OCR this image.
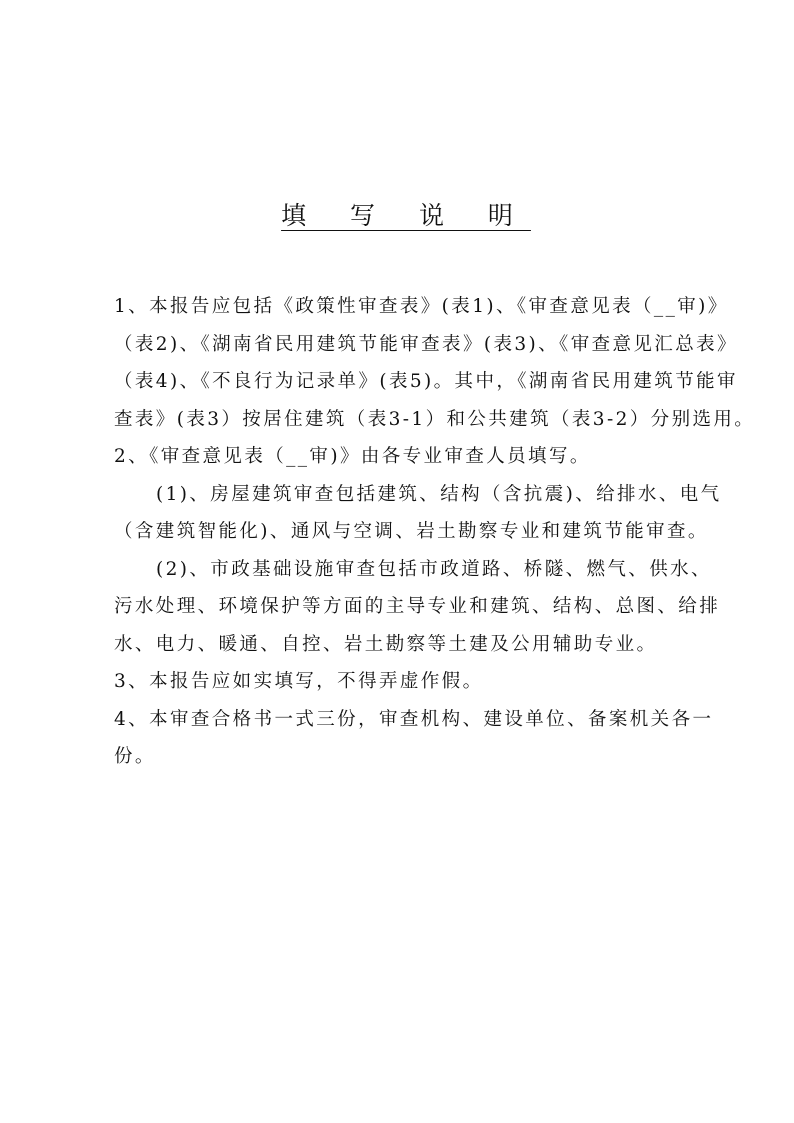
填 写 说 明
1、本报告应包括《政策性审查表》(表1)、《审查意见表（__审)》
（表2)、《湖南省民用建筑节能审查表》(表3)、《审查意见汇总表》
（表4)、《不良行为记录单》(表5)。其中，《湖南省民用建筑节能审
查表》(表3）按居住建筑（表3-1）和公共建筑（表3-2）分别选用。
2、《审查意见表（__审)》由各专业审查人员填写。
(1)、房屋建筑审查包括建筑、结构（含抗震)、给排水、电气
（含建筑智能化)、通风与空调、岩土勘察专业和建筑节能审查。
(2)、市政基础设施审查包括市政道路、桥隧、燃气、供水、
污水处理、环境保护等方面的主导专业和建筑、结构、总图、给排
水、电力、暖通、自控、岩土勘察等土建及公用辅助专业。
3、本报告应如实填写，不得弄虚作假。
4、本审查合格书一式三份，审查机构、建设单位、备案机关各一
份。
